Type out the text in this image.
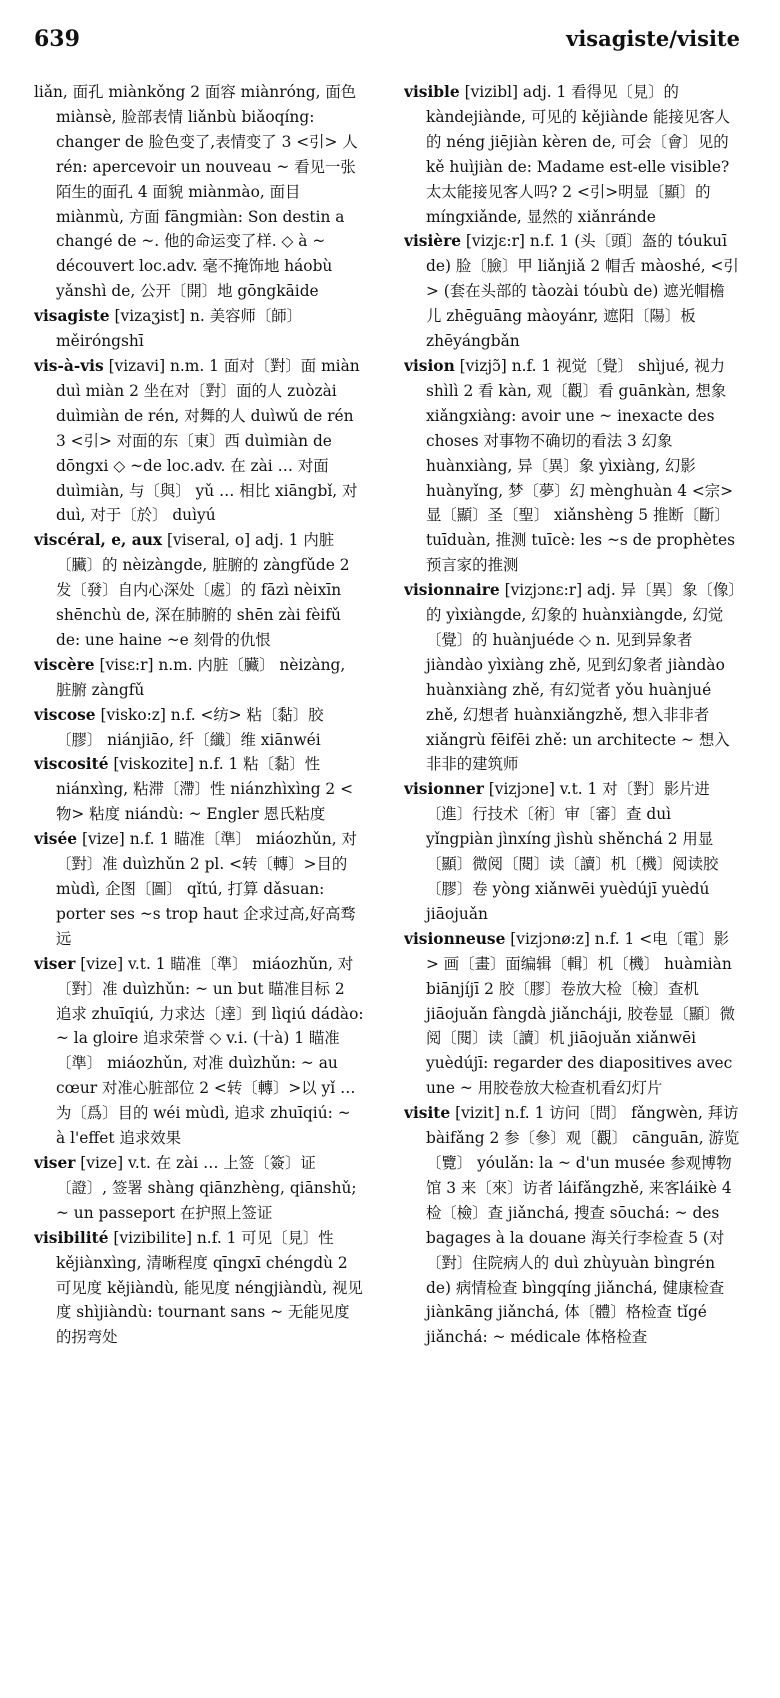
639	visagiste/visite

liǎn, 面孔 miànkǒng 2 面容 miànróng, 面色 miànsè, 脸部表情 liǎnbù biǎoqíng: changer de 脸色变了,表情变了 3 <引> 人 rén: apercevoir un nouveau ~ 看见一张陌生的面孔 4 面貌 miànmào, 面目 miànmù, 方面 fāngmiàn: Son destin a changé de ~. 他的命运变了样. ◇ à ~ découvert loc.adv. 毫不掩饰地 háobù yǎnshì de, 公开〔開〕地 gōngkāide

visagiste [vizaʒist] n. 美容师〔師〕 měiróngshī

vis-à-vis [vizavi] n.m. 1 面对〔對〕面 miàn duì miàn 2 坐在对〔對〕面的人 zuòzài duìmiàn de rén, 对舞的人 duìwǔ de rén 3 <引> 对面的东〔東〕西 duìmiàn de dōngxi ◇ ~de loc.adv. 在 zài … 对面 duìmiàn, 与〔與〕 yǔ … 相比 xiāngbǐ, 对 duì, 对于〔於〕 duìyú

viscéral, e, aux [viseral, o] adj. 1 内脏〔臟〕的 nèizàngde, 脏腑的 zàngfǔde 2 发〔發〕自内心深处〔處〕的 fāzì nèixīn shēnchù de, 深在肺腑的 shēn zài fèifǔ de: une haine ~e 刻骨的仇恨

viscère [visɛ:r] n.m. 内脏〔臟〕 nèizàng, 脏腑 zàngfǔ

viscose [visko:z] n.f. <纺> 粘〔黏〕胶〔膠〕 niánjiāo, 纤〔纖〕维 xiānwéi

viscosité [viskozite] n.f. 1 粘〔黏〕性 niánxìng, 粘滞〔滯〕性 niánzhìxìng 2 <物> 粘度 niándù: ~ Engler 恩氏粘度

visée [vize] n.f. 1 瞄准〔準〕 miáozhǔn, 对〔對〕准 duìzhǔn 2 pl. <转〔轉〕>目的 mùdì, 企图〔圖〕 qǐtú, 打算 dǎsuan: porter ses ~s trop haut 企求过高,好高骛远

viser [vize] v.t. 1 瞄准〔準〕 miáozhǔn, 对〔對〕准 duìzhǔn: ~ un but 瞄准目标 2 追求 zhuīqiú, 力求达〔達〕到 lìqiú dádào: ~ la gloire 追求荣誉 ◇ v.i. (十à) 1 瞄准〔準〕 miáozhǔn, 对准 duìzhǔn: ~ au cœur 对准心脏部位 2 <转〔轉〕>以 yǐ … 为〔爲〕目的 wéi mùdì, 追求 zhuīqiú: ~ à l'effet 追求效果

viser [vize] v.t. 在 zài … 上签〔簽〕证〔證〕, 签署 shàng qiānzhèng, qiānshǔ; ~ un passeport 在护照上签证

visibilité [vizibilite] n.f. 1 可见〔見〕性 kějiànxìng, 清晰程度 qīngxī chéngdù 2 可见度 kějiàndù, 能见度 néngjiàndù, 视见度 shìjiàndù: tournant sans ~ 无能见度的拐弯处

visible [vizibl] adj. 1 看得见〔見〕的 kàndejiànde, 可见的 kějiànde 能接见客人的 néng jiējiàn kèren de, 可会〔會〕见的 kě huìjiàn de: Madame est-elle visible? 太太能接见客人吗? 2 <引>明显〔顯〕的 míngxiǎnde, 显然的 xiǎnránde

visière [vizjɛ:r] n.f. 1 (头〔頭〕盔的 tóukuī de) 脸〔臉〕甲 liǎnjiǎ 2 帽舌 màoshé, <引> (套在头部的 tàozài tóubù de) 遮光帽檐儿 zhēguāng màoyánr, 遮阳〔陽〕板 zhēyángbǎn

vision [vizjɔ̃] n.f. 1 视觉〔覺〕 shìjué, 视力 shìlì 2 看 kàn, 观〔觀〕看 guānkàn, 想象 xiǎngxiàng: avoir une ~ inexacte des choses 对事物不确切的看法 3 幻象 huànxiàng, 异〔異〕象 yìxiàng, 幻影 huànyǐng, 梦〔夢〕幻 mènghuàn 4 <宗>显〔顯〕圣〔聖〕 xiǎnshèng 5 推断〔斷〕 tuīduàn, 推测 tuīcè: les ~s de prophètes 预言家的推测

visionnaire [vizjɔnɛ:r] adj. 异〔異〕象〔像〕的 yìxiàngde, 幻象的 huànxiàngde, 幻觉〔覺〕的 huànjuéde ◇ n. 见到异象者 jiàndào yìxiàng zhě, 见到幻象者 jiàndào huànxiàng zhě, 有幻觉者 yǒu huànjué zhě, 幻想者 huànxiǎngzhě, 想入非非者 xiǎngrù fēifēi zhě: un architecte ~ 想入非非的建筑师

visionner [vizjɔne] v.t. 1 对〔對〕影片进〔進〕行技术〔術〕审〔審〕查 duì yǐngpiàn jìnxíng jìshù shěnchá 2 用显〔顯〕微阅〔閱〕读〔讀〕机〔機〕阅读胶〔膠〕卷 yòng xiǎnwēi yuèdújī yuèdú jiāojuǎn

visionneuse [vizjɔnø:z] n.f. 1 <电〔電〕影> 画〔畫〕面编辑〔輯〕机〔機〕 huàmiàn biānjíjī 2 胶〔膠〕卷放大检〔檢〕查机 jiāojuǎn fàngdà jiǎncháji, 胶卷显〔顯〕微阅〔閱〕读〔讀〕机 jiāojuǎn xiǎnwēi yuèdújī: regarder des diapositives avec une ~ 用胶卷放大检查机看幻灯片

visite [vizit] n.f. 1 访问〔問〕 fǎngwèn, 拜访 bàifǎng 2 参〔參〕观〔觀〕 cānguān, 游览〔覽〕 yóulǎn: la ~ d'un musée 参观博物馆 3 来〔來〕访者 láifǎngzhě, 来客láikè 4检〔檢〕查 jiǎnchá, 搜查 sōuchá: ~ des bagages à la douane 海关行李检查 5 (对〔對〕住院病人的 duì zhùyuàn bìngrén de) 病情检查 bìngqíng jiǎnchá, 健康检查 jiànkāng jiǎnchá, 体〔體〕格检查 tǐgé jiǎnchá: ~ médicale 体格检查
